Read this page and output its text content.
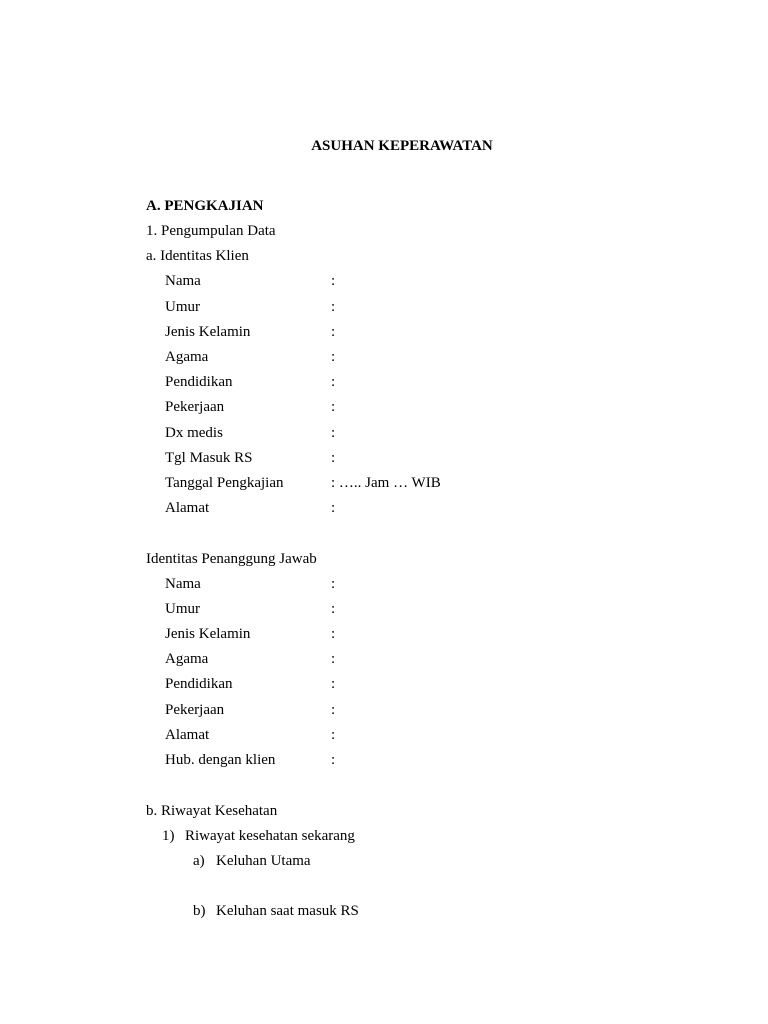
ASUHAN KEPERAWATAN
A. PENGKAJIAN
1. Pengumpulan Data
a. Identitas Klien
Nama	:
Umur	:
Jenis Kelamin	:
Agama	:
Pendidikan	:
Pekerjaan	:
Dx medis	:
Tgl Masuk RS	:
Tanggal Pengkajian	: ….. Jam … WIB
Alamat	:
Identitas Penanggung Jawab
Nama	:
Umur	:
Jenis Kelamin	:
Agama	:
Pendidikan	:
Pekerjaan	:
Alamat	:
Hub. dengan klien	:
b. Riwayat Kesehatan
1) Riwayat kesehatan sekarang
a) Keluhan Utama
b) Keluhan saat masuk RS
